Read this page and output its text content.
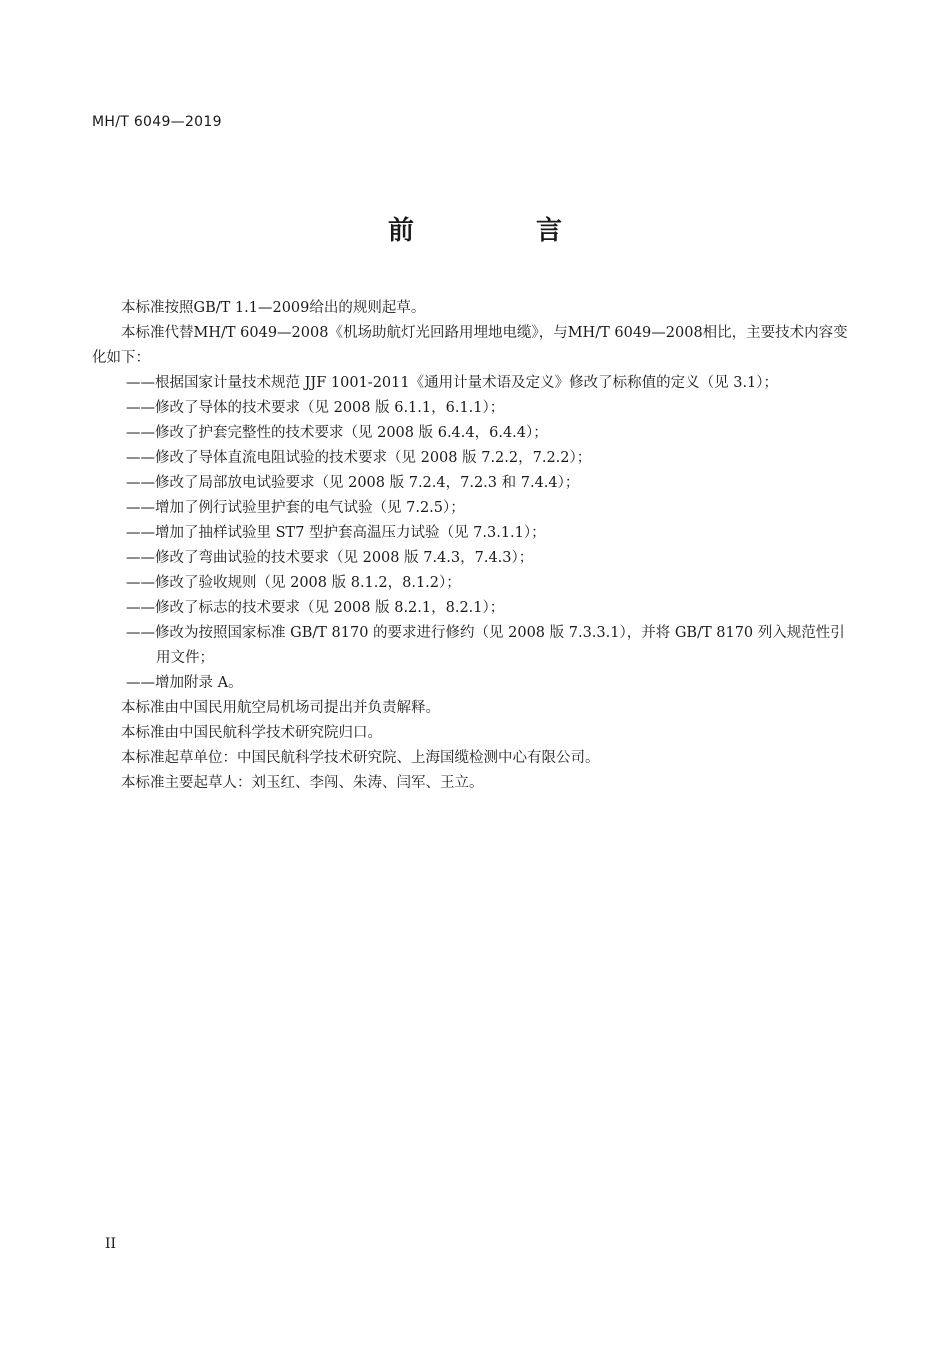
MH/T 6049—2019
前　言

本标准按照GB/T 1.1—2009给出的规则起草。

本标准代替MH/T 6049—2008《机场助航灯光回路用埋地电缆》，与MH/T 6049—2008相比，主要技术内容变化如下：

——根据国家计量技术规范 JJF 1001-2011《通用计量术语及定义》修改了标称值的定义（见 3.1）；

——修改了导体的技术要求（见 2008 版 6.1.1，6.1.1）；

——修改了护套完整性的技术要求（见 2008 版 6.4.4，6.4.4）；

——修改了导体直流电阻试验的技术要求（见 2008 版 7.2.2，7.2.2）；

——修改了局部放电试验要求（见 2008 版 7.2.4，7.2.3 和 7.4.4）；

——增加了例行试验里护套的电气试验（见 7.2.5）；

——增加了抽样试验里 ST7 型护套高温压力试验（见 7.3.1.1）；

——修改了弯曲试验的技术要求（见 2008 版 7.4.3，7.4.3）；

——修改了验收规则（见 2008 版 8.1.2，8.1.2）；

——修改了标志的技术要求（见 2008 版 8.2.1，8.2.1）；

——修改为按照国家标准 GB/T 8170 的要求进行修约（见 2008 版 7.3.3.1），并将 GB/T 8170 列入规范性引用文件；

——增加附录 A。

本标准由中国民用航空局机场司提出并负责解释。

本标准由中国民航科学技术研究院归口。

本标准起草单位：中国民航科学技术研究院、上海国缆检测中心有限公司。

本标准主要起草人：刘玉红、李闯、朱涛、闫军、王立。

II
